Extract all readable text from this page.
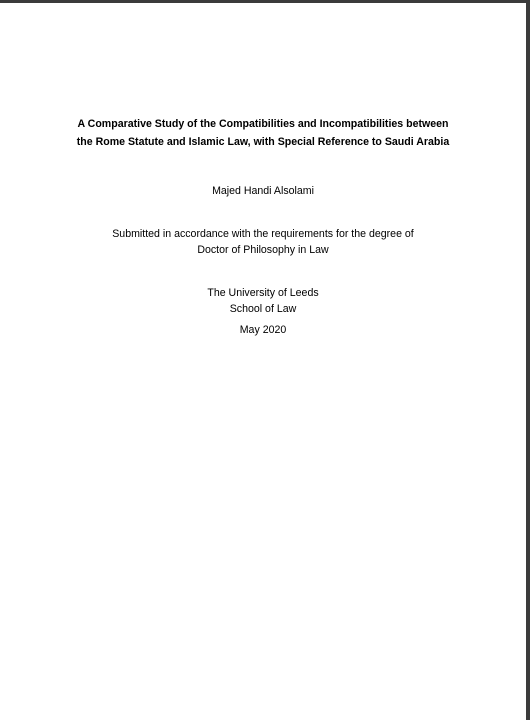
A Comparative Study of the Compatibilities and Incompatibilities between
the Rome Statute and Islamic Law, with Special Reference to Saudi Arabia
Majed Handi Alsolami
Submitted in accordance with the requirements for the degree of
Doctor of Philosophy in Law
The University of Leeds
School of Law
May 2020
